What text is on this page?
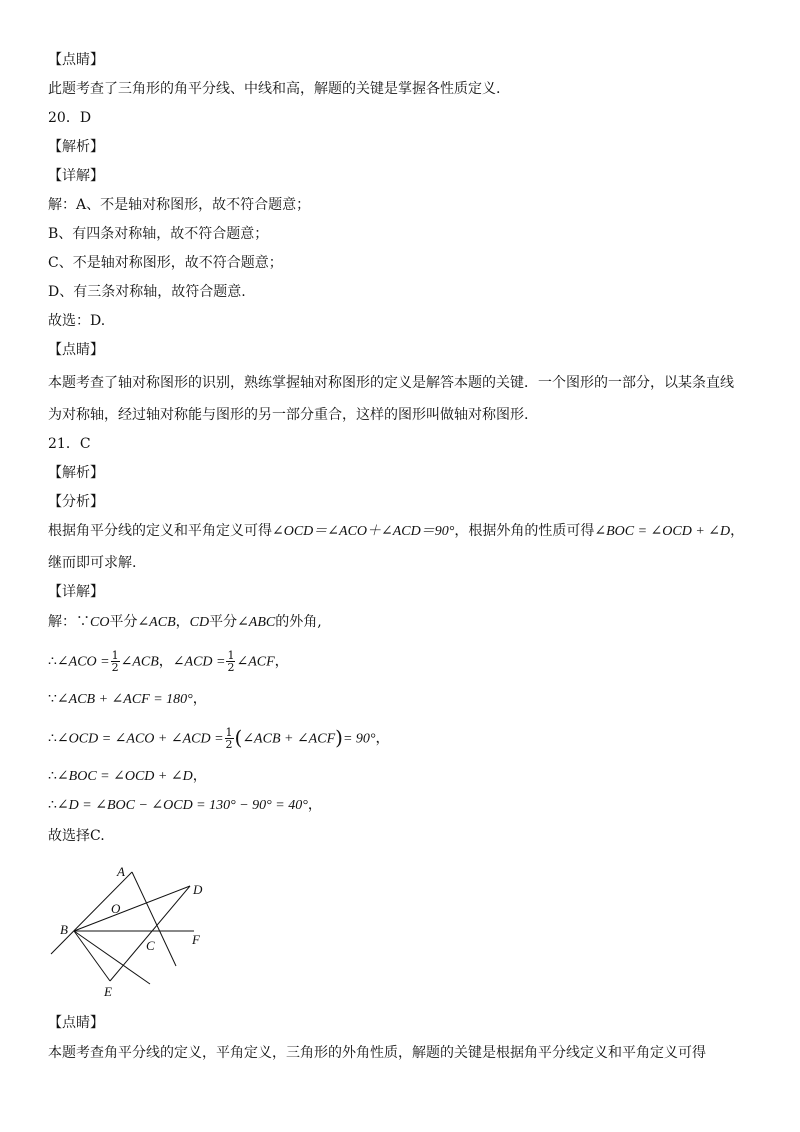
【点睛】
此题考查了三角形的角平分线、中线和高，解题的关键是掌握各性质定义.
20．D
【解析】
【详解】
解：A、不是轴对称图形，故不符合题意；
B、有四条对称轴，故不符合题意；
C、不是轴对称图形，故不符合题意；
D、有三条对称轴，故符合题意.
故选：D.
【点睛】
本题考查了轴对称图形的识别，熟练掌握轴对称图形的定义是解答本题的关键．一个图形的一部分，以某条直线
为对称轴，经过轴对称能与图形的另一部分重合，这样的图形叫做轴对称图形.
21．C
【解析】
【分析】
根据角平分线的定义和平角定义可得∠OCD＝∠ACO＋∠ACD＝90°，根据外角的性质可得∠BOC = ∠OCD + ∠D，
继而即可求解.
【详解】
解：∵CO平分∠ACB，CD平分∠ABC的外角,
∴∠ACO = $\frac{1}{2}$ ∠ACB，∠ACD = $\frac{1}{2}$ ∠ACF，
∵∠ACB + ∠ACF = 180°，
∴∠OCD = ∠ACO + ∠ACD = $\frac{1}{2}$ (∠ACB + ∠ACF)= 90°，
∴∠BOC = ∠OCD + ∠D，
∴∠D = ∠BOC − ∠OCD = 130° − 90° = 40°，
故选择C.
A
B
C
D
E
F
O
【点睛】
本题考查角平分线的定义，平角定义，三角形的外角性质，解题的关键是根据角平分线定义和平角定义可得
